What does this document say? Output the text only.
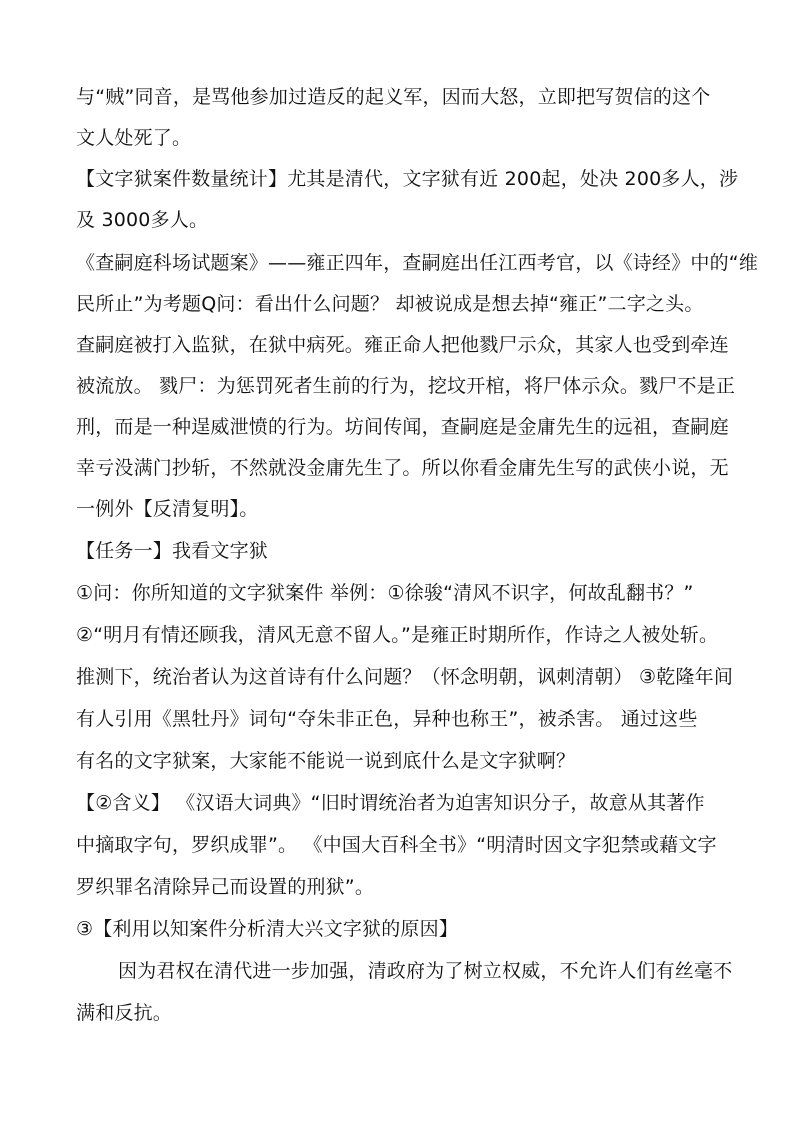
与“贼”同音，是骂他参加过造反的起义军，因而大怒，立即把写贺信的这个
文人处死了。
【文字狱案件数量统计】尤其是清代，文字狱有近 200起，处决 200多人，涉
及 3000多人。
《查嗣庭科场试题案》——雍正四年，查嗣庭出任江西考官，以《诗经》中的“维
民所止”为考题Q问：看出什么问题？ 却被说成是想去掉“雍正”二字之头。
查嗣庭被打入监狱，在狱中病死。雍正命人把他戮尸示众，其家人也受到牵连
被流放。 戮尸：为惩罚死者生前的行为，挖坟开棺，将尸体示众。戮尸不是正
刑，而是一种逞威泄愤的行为。坊间传闻，查嗣庭是金庸先生的远祖，查嗣庭
幸亏没满门抄斩，不然就没金庸先生了。所以你看金庸先生写的武侠小说，无
一例外【反清复明】。
【任务一】我看文字狱
①问：你所知道的文字狱案件 举例：①徐骏“清风不识字，何故乱翻书？”
②“明月有情还顾我，清风无意不留人。”是雍正时期所作，作诗之人被处斩。
推测下，统治者认为这首诗有什么问题？（怀念明朝，讽刺清朝） ③乾隆年间
有人引用《黑牡丹》词句“夺朱非正色，异种也称王”，被杀害。 通过这些
有名的文字狱案，大家能不能说一说到底什么是文字狱啊？
【②含义】 《汉语大词典》“旧时谓统治者为迫害知识分子，故意从其著作
中摘取字句，罗织成罪”。 《中国大百科全书》“明清时因文字犯禁或藉文字
罗织罪名清除异己而设置的刑狱”。
③【利用以知案件分析清大兴文字狱的原因】
因为君权在清代进一步加强，清政府为了树立权威，不允许人们有丝毫不
满和反抗。
